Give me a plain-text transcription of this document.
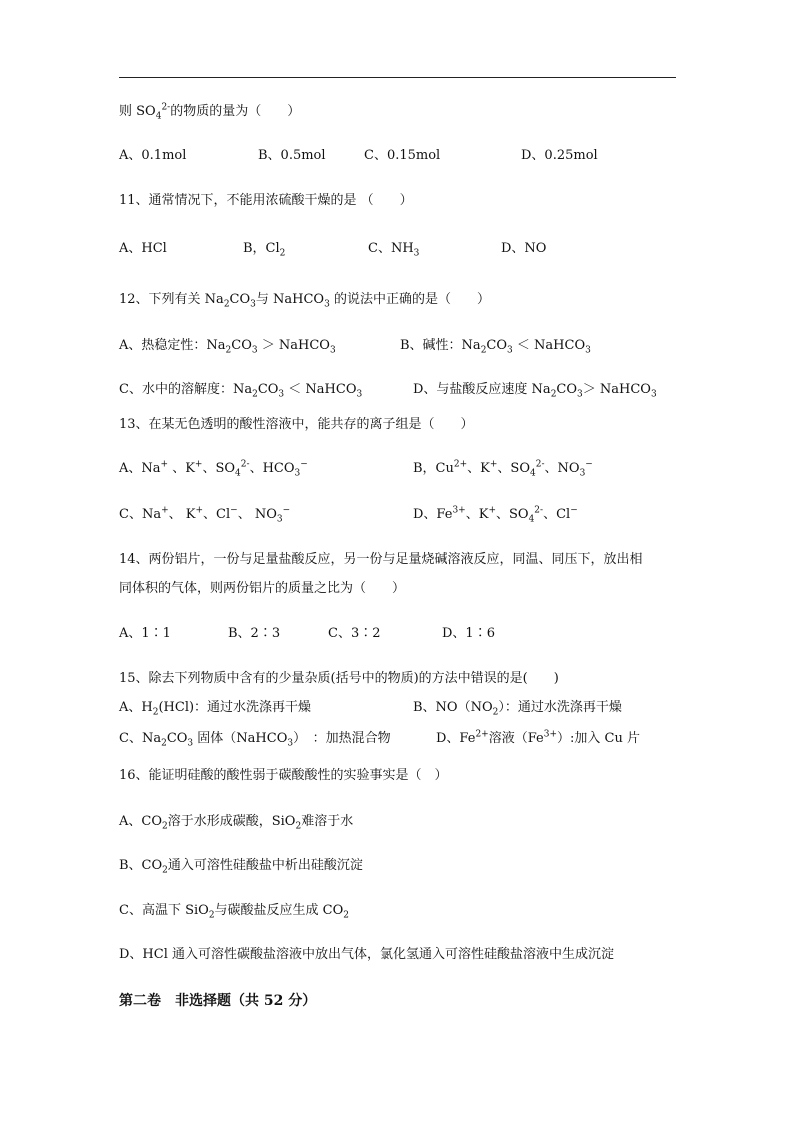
则 $SO_4^{2-}$的物质的量为（　　）
A、0.1mol	B、0.5mol	C、0.15mol	D、0.25mol
11、通常情况下，不能用浓硫酸干燥的是 （　　）
A、HCl	B，$Cl_2$	C、$NH_3$	D、NO
12、下列有关 $Na_2CO_3$与 NaHCO$_3$ 的说法中正确的是（　　）
A、热稳定性：$Na_2CO_3$ ＞ NaHCO$_3$	B、碱性：$Na_2CO_3$ ＜ NaHCO$_3$
C、水中的溶解度：$Na_2CO_3$ ＜ NaHCO$_3$	D、与盐酸反应速度 $Na_2CO_3>$ NaHCO$_3$
13、在某无色透明的酸性溶液中，能共存的离子组是（　　）
A、Na+ 、K+、$SO_4^{2-}$、$HCO_3^-$	B，$Cu^{2+}$、K+、$SO_4^{2-}$、$NO_3^-$
C、Na+、 K+、Cl−、 $NO_3^-$	D、$Fe^{3+}$、K+、$SO_4^{2-}$、Cl−
14、两份铝片，一份与足量盐酸反应，另一份与足量烧碱溶液反应，同温、同压下，放出相
同体积的气体，则两份铝片的质量之比为（　　）
A、1∶1	B、2∶3	C、3∶2	D、1∶6
15、除去下列物质中含有的少量杂质(括号中的物质)的方法中错误的是(　　)
A、$H_2(HCl)$：通过水洗涤再干燥	B、$NO(NO_2)$：通过水洗涤再干燥
C、$Na_2CO_3$ 固体（NaHCO$_3$）　：加热混合物	D、$Fe^{2+}$溶液$(Fe^{3+})$:加入 Cu 片
16、能证明硅酸的酸性弱于碳酸酸性的实验事实是（　）
A、$CO_2$溶于水形成碳酸，SiO$_2$难溶于水
B、$CO_2$通入可溶性硅酸盐中析出硅酸沉淀
C、高温下 SiO$_2$与碳酸盐反应生成 $CO_2$
D、HCl 通入可溶性碳酸盐溶液中放出气体，氯化氢通入可溶性硅酸盐溶液中生成沉淀
第二卷　非选择题（共 52 分）
